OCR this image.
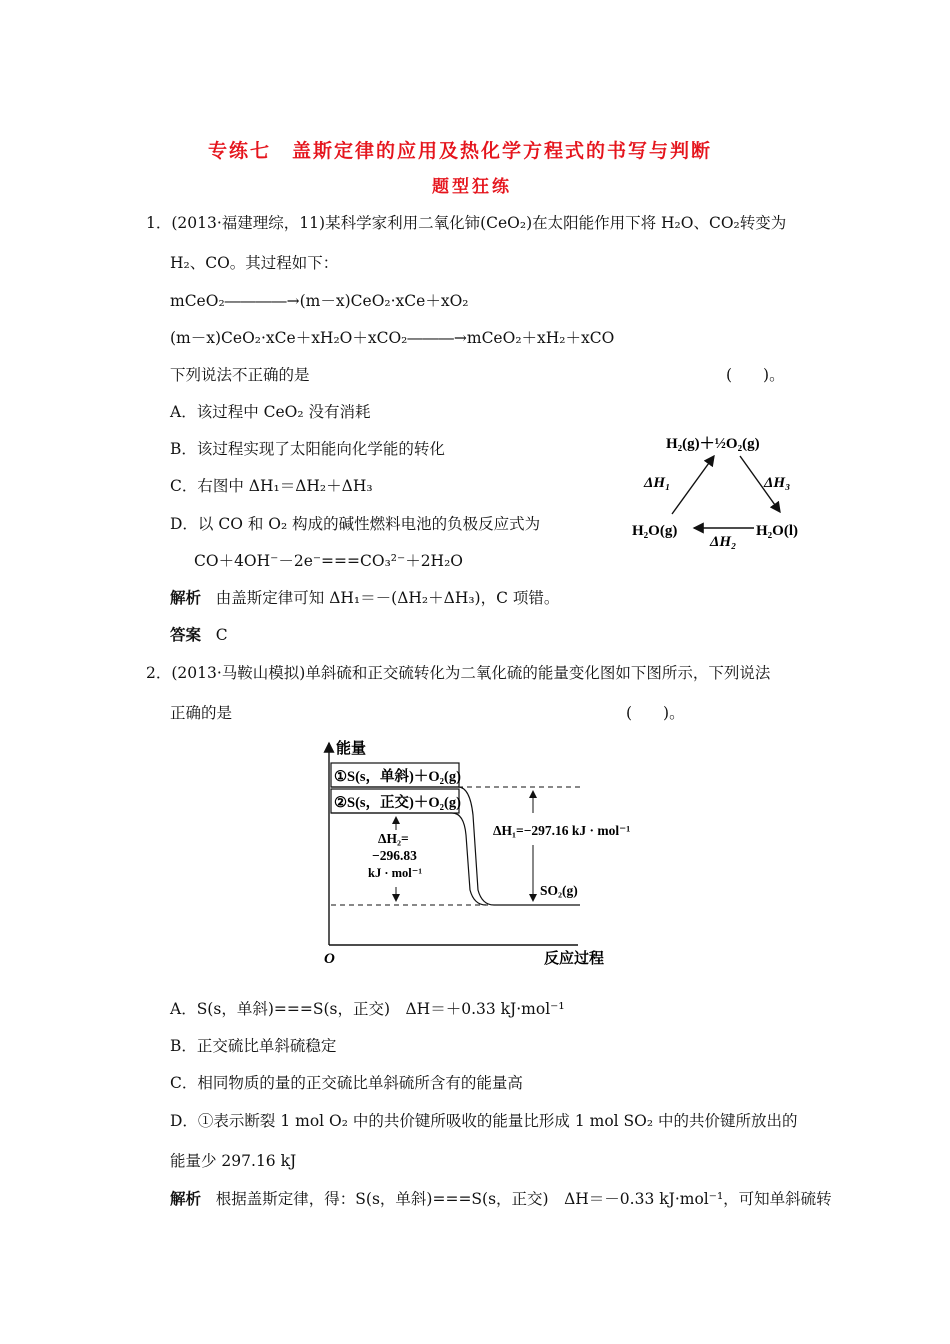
专练七　盖斯定律的应用及热化学方程式的书写与判断
题型狂练
1．(2013·福建理综，11)某科学家利用二氧化铈(CeO₂)在太阳能作用下将 H₂O、CO₂转变为
H₂、CO。其过程如下：
mCeO₂――――→(m－x)CeO₂·xCe＋xO₂
(m－x)CeO₂·xCe＋xH₂O＋xCO₂―――→mCeO₂＋xH₂＋xCO
下列说法不正确的是	(　　)。
A．该过程中 CeO₂ 没有消耗
B．该过程实现了太阳能向化学能的转化
C．右图中 ΔH₁＝ΔH₂＋ΔH₃
D．以 CO 和 O₂ 构成的碱性燃料电池的负极反应式为
CO＋4OH⁻－2e⁻===CO₃²⁻＋2H₂O
解析 由盖斯定律可知 ΔH₁＝－(ΔH₂＋ΔH₃)，C 项错。
答案 C
H₂(g)＋½O₂(g)
H₂O(g)	H₂O(l)
ΔH₁	ΔH₃
ΔH₂
2．(2013·马鞍山模拟)单斜硫和正交硫转化为二氧化硫的能量变化图如下图所示，下列说法
正确的是	(　　)。
能量
O	反应过程
①S(s，单斜)＋O₂(g)
②S(s，正交)＋O₂(g)
ΔH₂=
−296.83
kJ · mol⁻¹
ΔH₁=−297.16 kJ · mol⁻¹
SO₂(g)
A．S(s，单斜)===S(s，正交)　ΔH＝＋0.33 kJ·mol⁻¹
B．正交硫比单斜硫稳定
C．相同物质的量的正交硫比单斜硫所含有的能量高
D．①表示断裂 1 mol O₂ 中的共价键所吸收的能量比形成 1 mol SO₂ 中的共价键所放出的
能量少 297.16 kJ
解析 根据盖斯定律，得：S(s，单斜)===S(s，正交)　ΔH＝－0.33 kJ·mol⁻¹，可知单斜硫转
